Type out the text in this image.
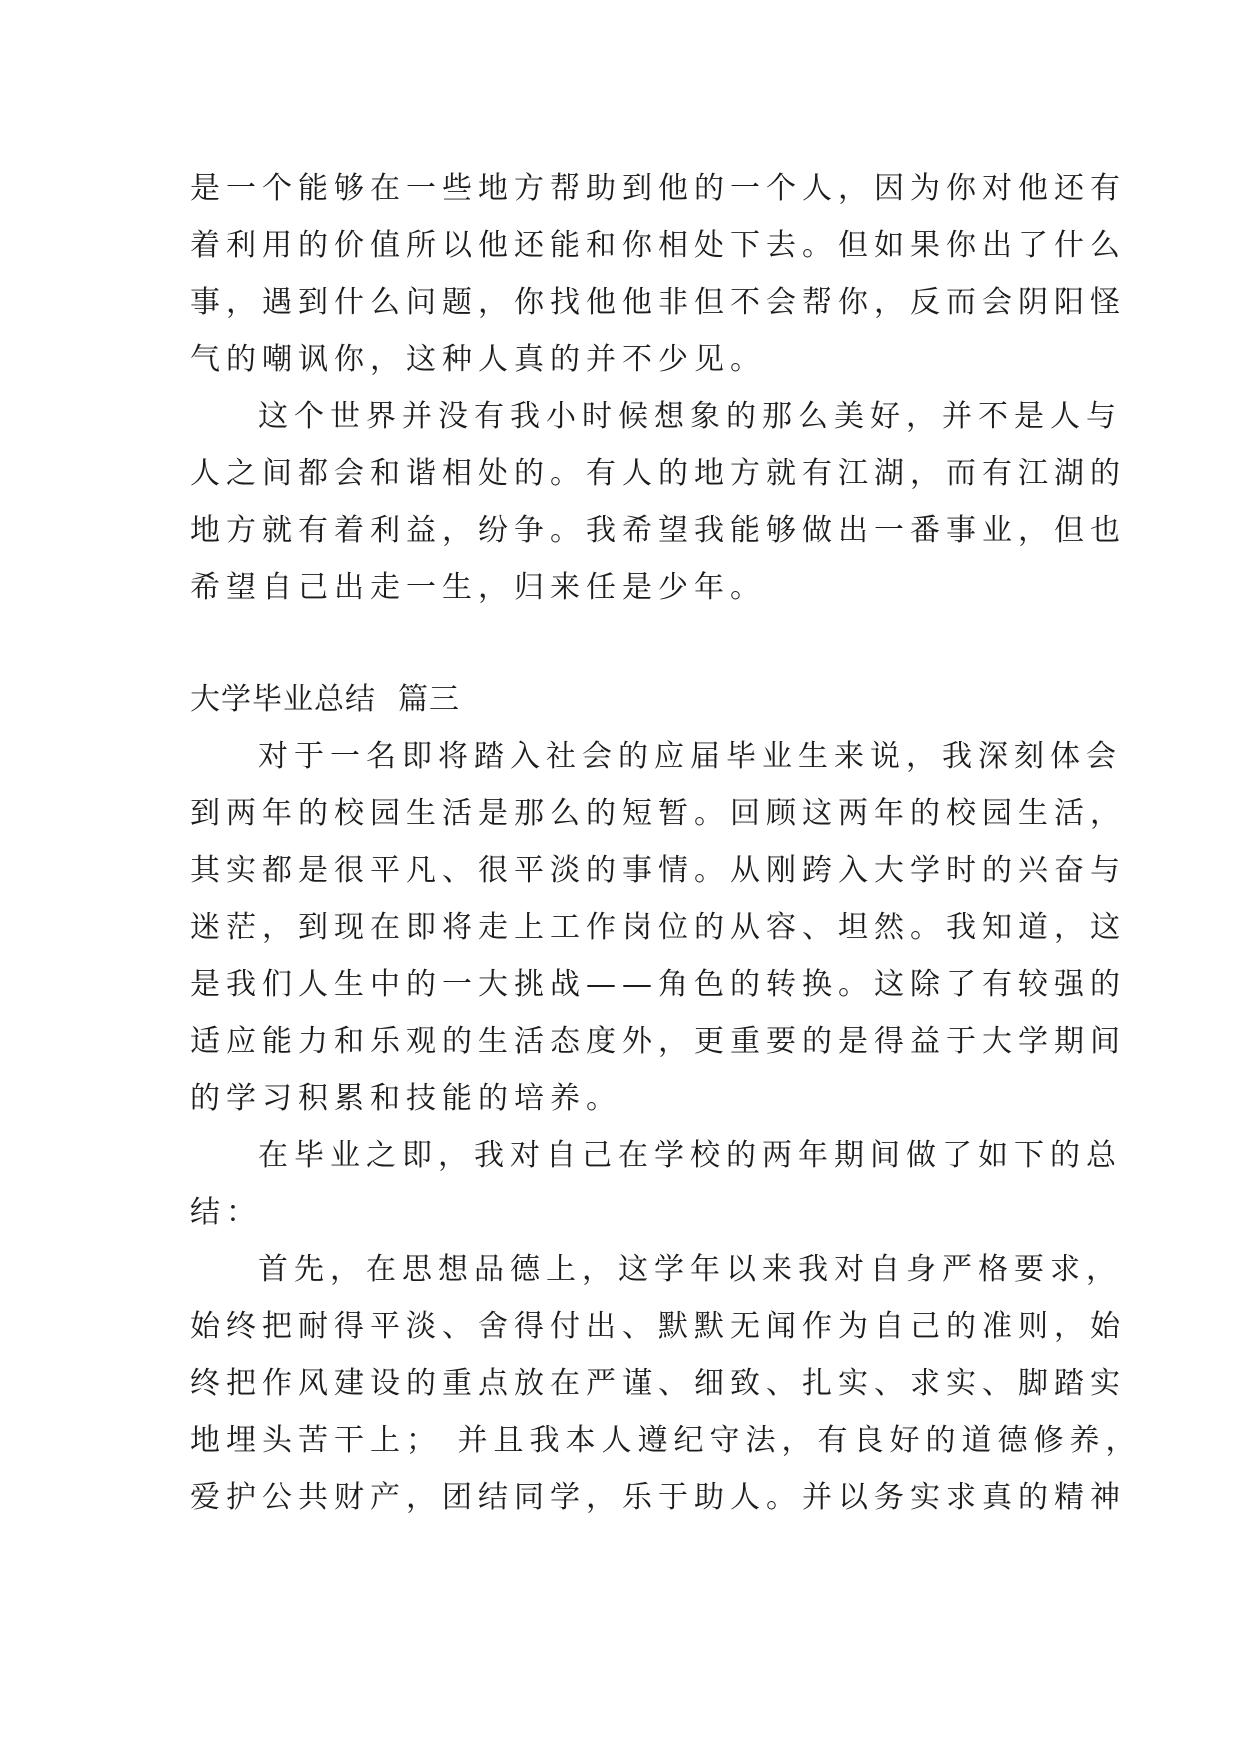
是一个能够在一些地方帮助到他的一个人，因为你对他还有
着利用的价值所以他还能和你相处下去。但如果你出了什么
事，遇到什么问题，你找他他非但不会帮你，反而会阴阳怪
气的嘲讽你，这种人真的并不少见。
这个世界并没有我小时候想象的那么美好，并不是人与
人之间都会和谐相处的。有人的地方就有江湖，而有江湖的
地方就有着利益，纷争。我希望我能够做出一番事业，但也
希望自己出走一生，归来任是少年。
大学毕业总结 篇三
对于一名即将踏入社会的应届毕业生来说，我深刻体会
到两年的校园生活是那么的短暂。回顾这两年的校园生活，
其实都是很平凡、很平淡的事情。从刚跨入大学时的兴奋与
迷茫，到现在即将走上工作岗位的从容、坦然。我知道，这
是我们人生中的一大挑战——角色的转换。这除了有较强的
适应能力和乐观的生活态度外，更重要的是得益于大学期间
的学习积累和技能的培养。
在毕业之即，我对自己在学校的两年期间做了如下的总
结：
首先，在思想品德上，这学年以来我对自身严格要求，
始终把耐得平淡、舍得付出、默默无闻作为自己的准则，始
终把作风建设的重点放在严谨、细致、扎实、求实、脚踏实
地埋头苦干上； 并且我本人遵纪守法，有良好的道德修养，
爱护公共财产，团结同学，乐于助人。并以务实求真的精神
